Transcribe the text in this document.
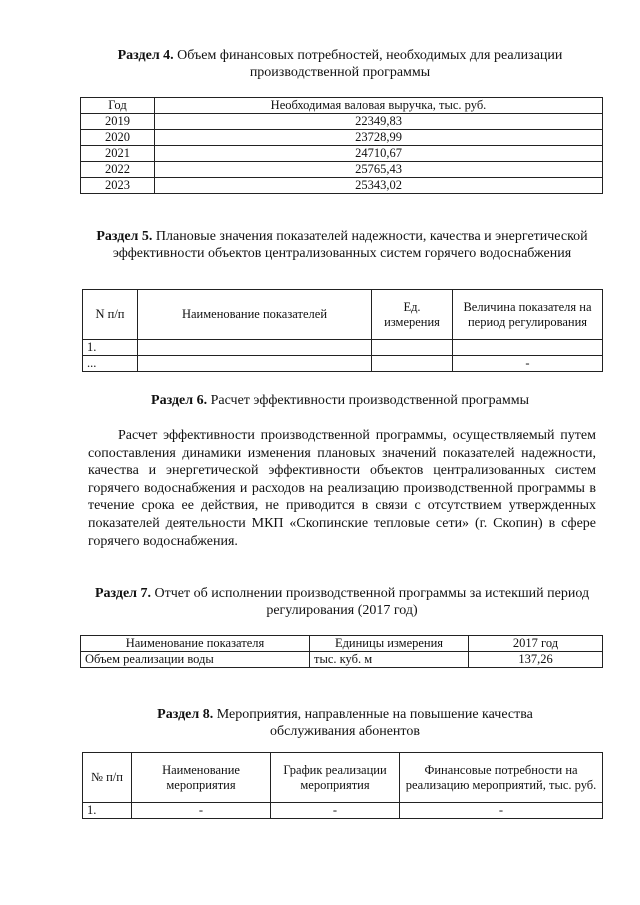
Раздел 4. Объем финансовых потребностей, необходимых для реализации производственной программы
Год	Необходимая валовая выручка, тыс. руб.
2019	22349,83
2020	23728,99
2021	24710,67
2022	25765,43
2023	25343,02
Раздел 5. Плановые значения показателей надежности, качества и энергетической эффективности объектов централизованных систем горячего водоснабжения
N п/п	Наименование показателей	Ед. измерения	Величина показателя на период регулирования
1.			
...			-
Раздел 6. Расчет эффективности производственной программы
Расчет эффективности производственной программы, осуществляемый путем сопоставления динамики изменения плановых значений показателей надежности, качества и энергетической эффективности объектов централизованных систем горячего водоснабжения и расходов на реализацию производственной программы в течение срока ее действия, не приводится в связи с отсутствием утвержденных показателей деятельности МКП «Скопинские тепловые сети» (г. Скопин) в сфере горячего водоснабжения.
Раздел 7. Отчет об исполнении производственной программы за истекший период регулирования (2017 год)
Наименование показателя	Единицы измерения	2017 год
Объем реализации воды	тыс. куб. м	137,26
Раздел 8. Мероприятия, направленные на повышение качества обслуживания абонентов
№ п/п	Наименование мероприятия	График реализации мероприятия	Финансовые потребности на реализацию мероприятий, тыс. руб.
1.	-	-	-
